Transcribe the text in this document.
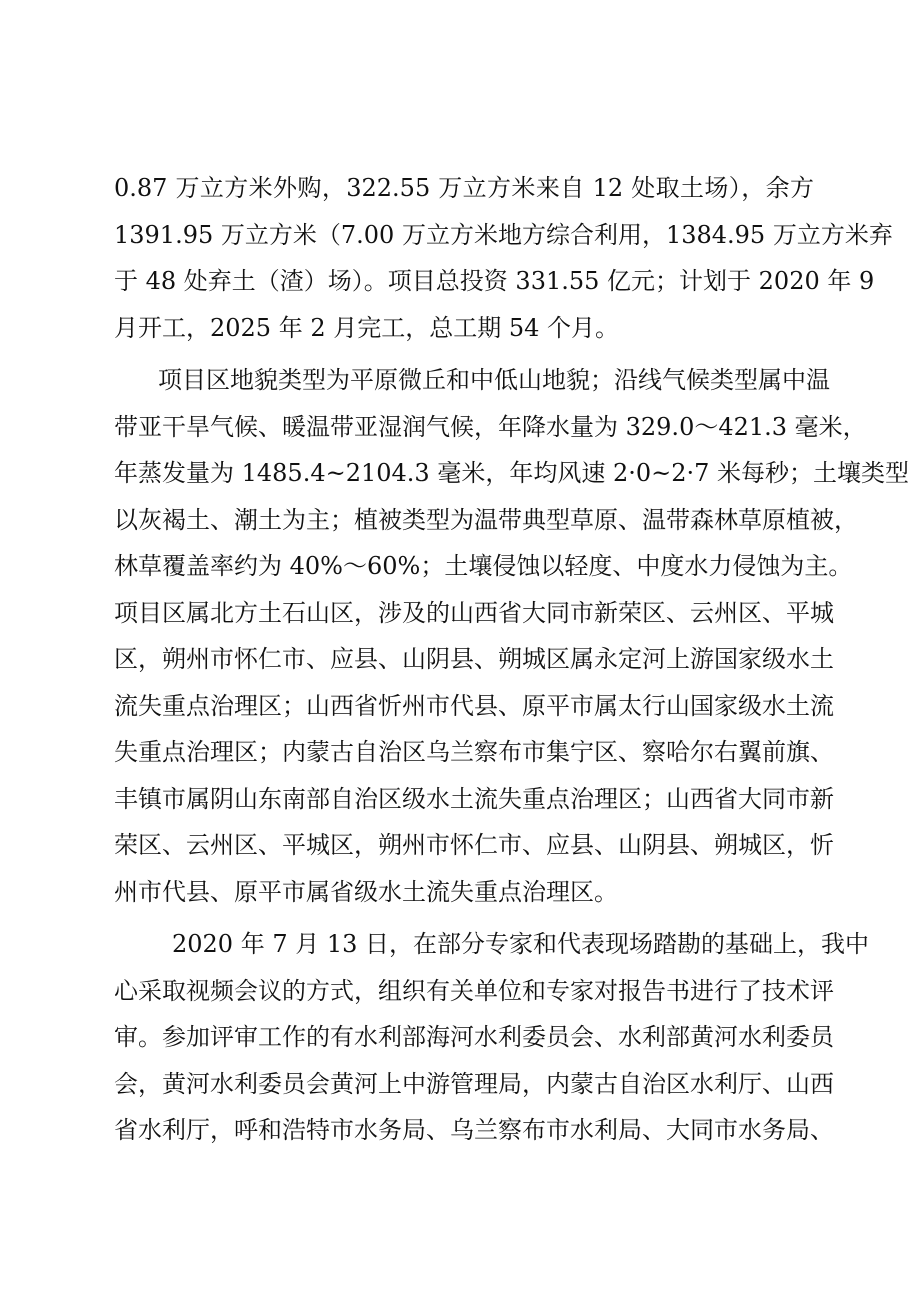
0.87 万立方米外购，322.55 万立方米来自 12 处取土场），余方
1391.95 万立方米（7.00 万立方米地方综合利用，1384.95 万立方米弃
于 48 处弃土（渣）场）。项目总投资 331.55 亿元；计划于 2020 年 9
月开工，2025 年 2 月完工，总工期 54 个月。
项目区地貌类型为平原微丘和中低山地貌；沿线气候类型属中温
带亚干旱气候、暖温带亚湿润气候，年降水量为 329.0～421.3 毫米，
年蒸发量为 1485.4~2104.3 毫米，年均风速 2·0~2·7 米每秒；土壤类型
以灰褐土、潮土为主；植被类型为温带典型草原、温带森林草原植被，
林草覆盖率约为 40%～60%；土壤侵蚀以轻度、中度水力侵蚀为主。
项目区属北方土石山区，涉及的山西省大同市新荣区、云州区、平城
区，朔州市怀仁市、应县、山阴县、朔城区属永定河上游国家级水土
流失重点治理区；山西省忻州市代县、原平市属太行山国家级水土流
失重点治理区；内蒙古自治区乌兰察布市集宁区、察哈尔右翼前旗、
丰镇市属阴山东南部自治区级水土流失重点治理区；山西省大同市新
荣区、云州区、平城区，朔州市怀仁市、应县、山阴县、朔城区，忻
州市代县、原平市属省级水土流失重点治理区。
2020 年 7 月 13 日，在部分专家和代表现场踏勘的基础上，我中
心采取视频会议的方式，组织有关单位和专家对报告书进行了技术评
审。参加评审工作的有水利部海河水利委员会、水利部黄河水利委员
会，黄河水利委员会黄河上中游管理局，内蒙古自治区水利厅、山西
省水利厅，呼和浩特市水务局、乌兰察布市水利局、大同市水务局、
